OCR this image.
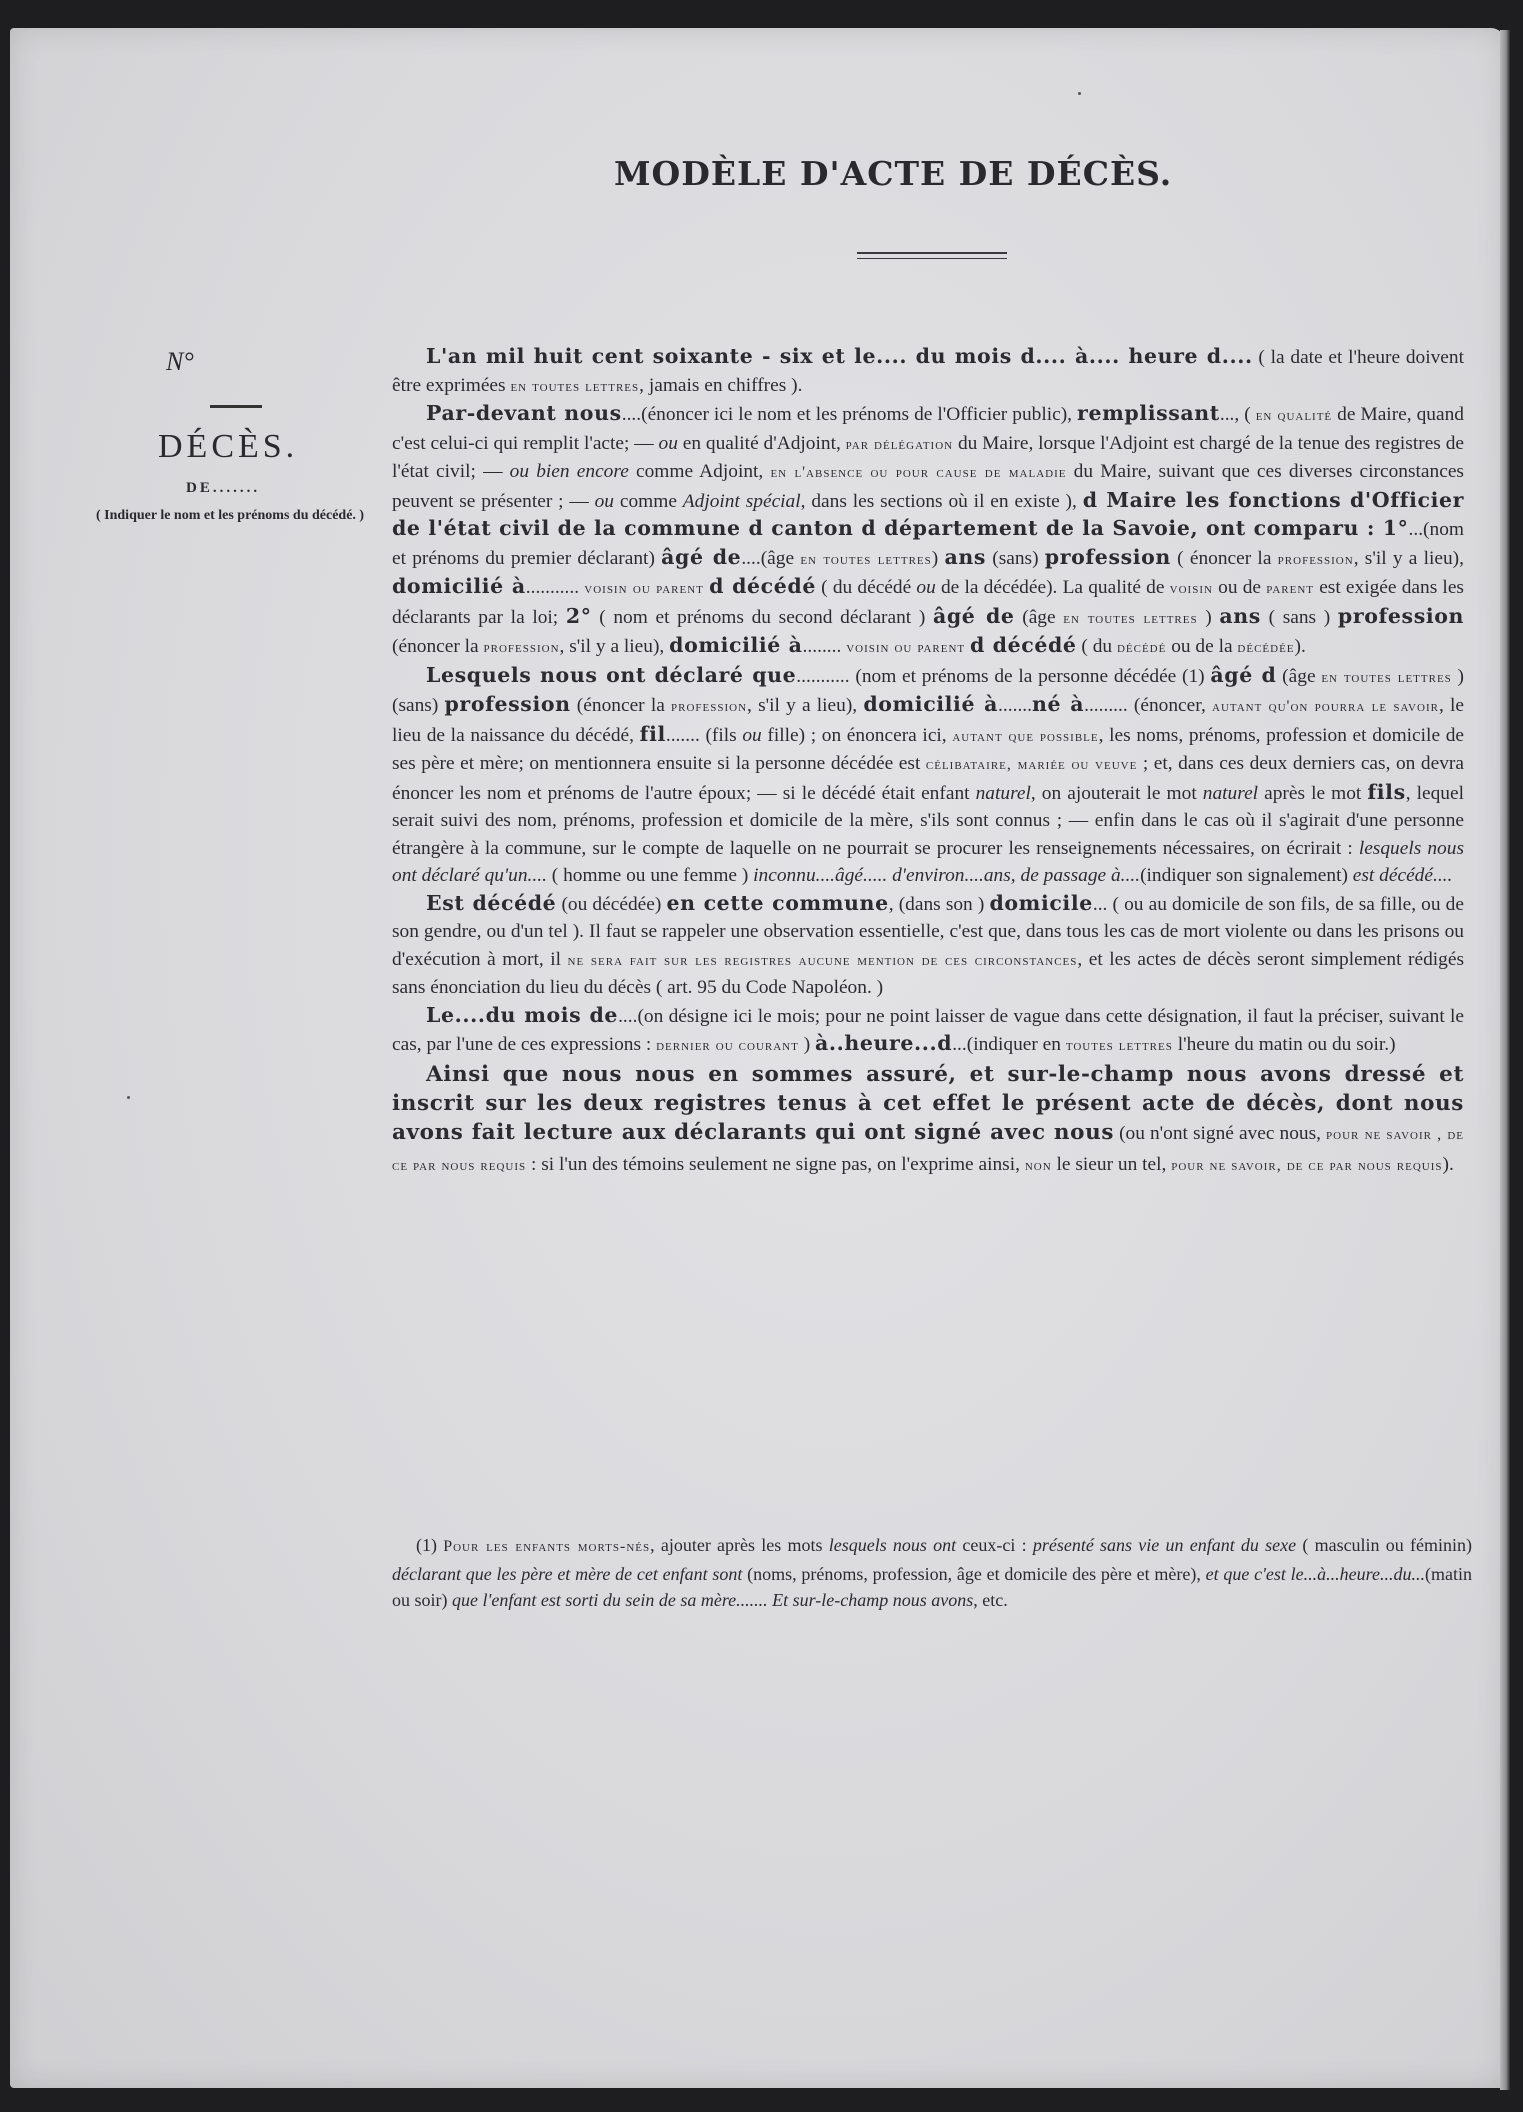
MODÈLE D'ACTE DE DÉCÈS.
N°
DÉCÈS.
DE.......
( Indiquer le nom et les prénoms du décédé. )

L'an mil huit cent soixante - six et le.... du mois d.... à.... heure d.... ( la date et l'heure doivent être exprimées en toutes lettres, jamais en chiffres ).

Par-devant nous....(énoncer ici le nom et les prénoms de l'Officier public), remplissant..., ( en qualité de Maire, quand c'est celui-ci qui remplit l'acte; — ou en qualité d'Adjoint, par délégation du Maire, lorsque l'Adjoint est chargé de la tenue des registres de l'état civil; — ou bien encore comme Adjoint, en l'absence ou pour cause de maladie du Maire, suivant que ces diverses circonstances peuvent se présenter ; — ou comme Adjoint spécial, dans les sections où il en existe ), d Maire les fonctions d'Officier de l'état civil de la commune d canton d département de la Savoie, ont comparu : 1°...(nom et prénoms du premier déclarant) âgé de....(âge en toutes lettres) ans (sans) profession ( énoncer la profession, s'il y a lieu), domicilié à........... voisin ou parent d décédé ( du décédé ou de la décédée). La qualité de voisin ou de parent est exigée dans les déclarants par la loi; 2° ( nom et prénoms du second déclarant ) âgé de (âge en toutes lettres ) ans ( sans ) profession (énoncer la profession, s'il y a lieu), domicilié à........ voisin ou parent d décédé ( du décédé ou de la décédée).

Lesquels nous ont déclaré que........... (nom et prénoms de la personne décédée (1) âgé d (âge en toutes lettres ) (sans) profession (énoncer la profession, s'il y a lieu), domicilié à.......né à......... (énoncer, autant qu'on pourra le savoir, le lieu de la naissance du décédé, fil....... (fils ou fille) ; on énoncera ici, autant que possible, les noms, prénoms, profession et domicile de ses père et mère; on mentionnera ensuite si la personne décédée est célibataire, mariée ou veuve ; et, dans ces deux derniers cas, on devra énoncer les nom et prénoms de l'autre époux; — si le décédé était enfant naturel, on ajouterait le mot naturel après le mot fils, lequel serait suivi des nom, prénoms, profession et domicile de la mère, s'ils sont connus ; — enfin dans le cas où il s'agirait d'une personne étrangère à la commune, sur le compte de laquelle on ne pourrait se procurer les renseignements nécessaires, on écrirait : lesquels nous ont déclaré qu'un.... ( homme ou une femme ) inconnu....âgé..... d'environ....ans, de passage à....(indiquer son signalement) est décédé....

Est décédé (ou décédée) en cette commune, (dans son ) domicile... ( ou au domicile de son fils, de sa fille, ou de son gendre, ou d'un tel ). Il faut se rappeler une observation essentielle, c'est que, dans tous les cas de mort violente ou dans les prisons ou d'exécution à mort, il ne sera fait sur les registres aucune mention de ces circonstances, et les actes de décès seront simplement rédigés sans énonciation du lieu du décès ( art. 95 du Code Napoléon. )

Le....du mois de....(on désigne ici le mois; pour ne point laisser de vague dans cette désignation, il faut la préciser, suivant le cas, par l'une de ces expressions : dernier ou courant ) à..heure...d...(indiquer en toutes lettres l'heure du matin ou du soir.)

Ainsi que nous nous en sommes assuré, et sur-le-champ nous avons dressé et inscrit sur les deux registres tenus à cet effet le présent acte de décès, dont nous avons fait lecture aux déclarants qui ont signé avec nous (ou n'ont signé avec nous, pour ne savoir , de ce par nous requis : si l'un des témoins seulement ne signe pas, on l'exprime ainsi, non le sieur un tel, pour ne savoir, de ce par nous requis).

(1) Pour les enfants morts-nés, ajouter après les mots lesquels nous ont ceux-ci : présenté sans vie un enfant du sexe ( masculin ou féminin) déclarant que les père et mère de cet enfant sont (noms, prénoms, profession, âge et domicile des père et mère), et que c'est le...à...heure...du...(matin ou soir) que l'enfant est sorti du sein de sa mère....... Et sur-le-champ nous avons, etc.
